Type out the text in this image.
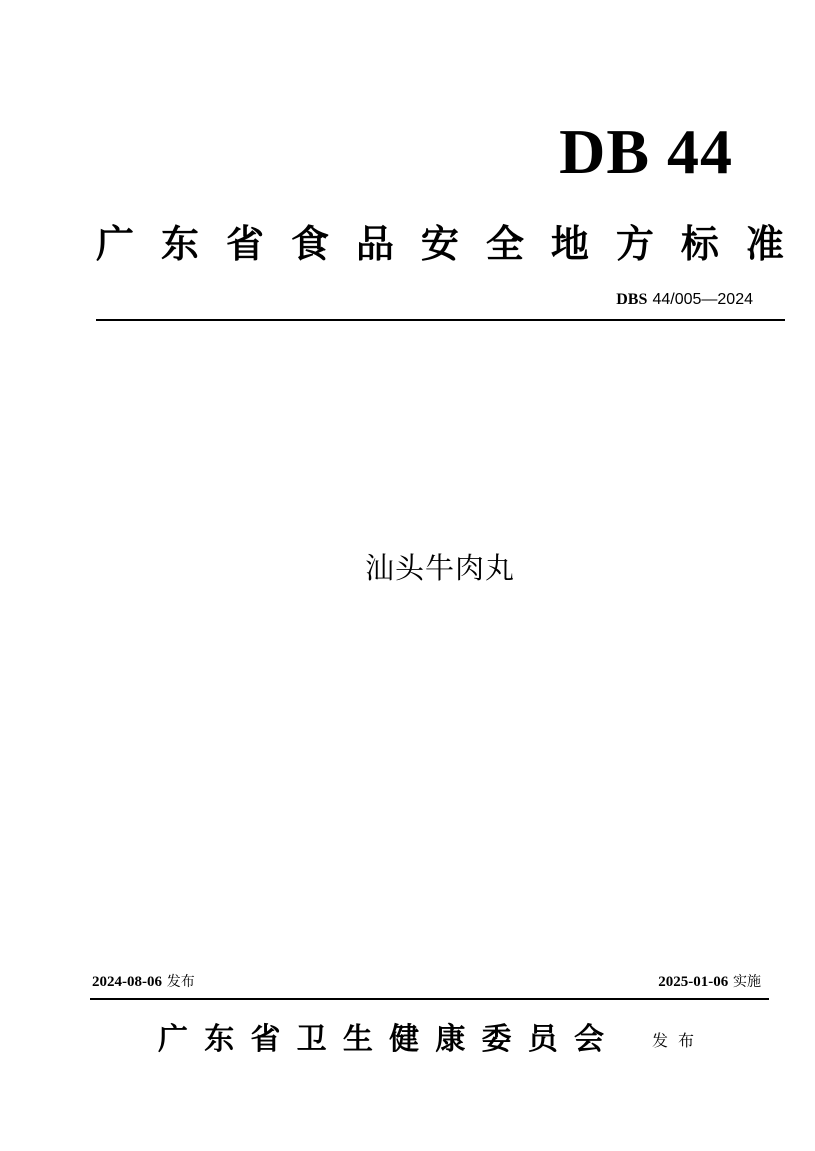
DB 44
广 东 省 食 品 安 全 地 方 标 准
DBS 44/005—2024
汕头牛肉丸
2024-08-06 发布	2025-01-06 实施
广 东 省 卫 生 健 康 委 员 会	发布
